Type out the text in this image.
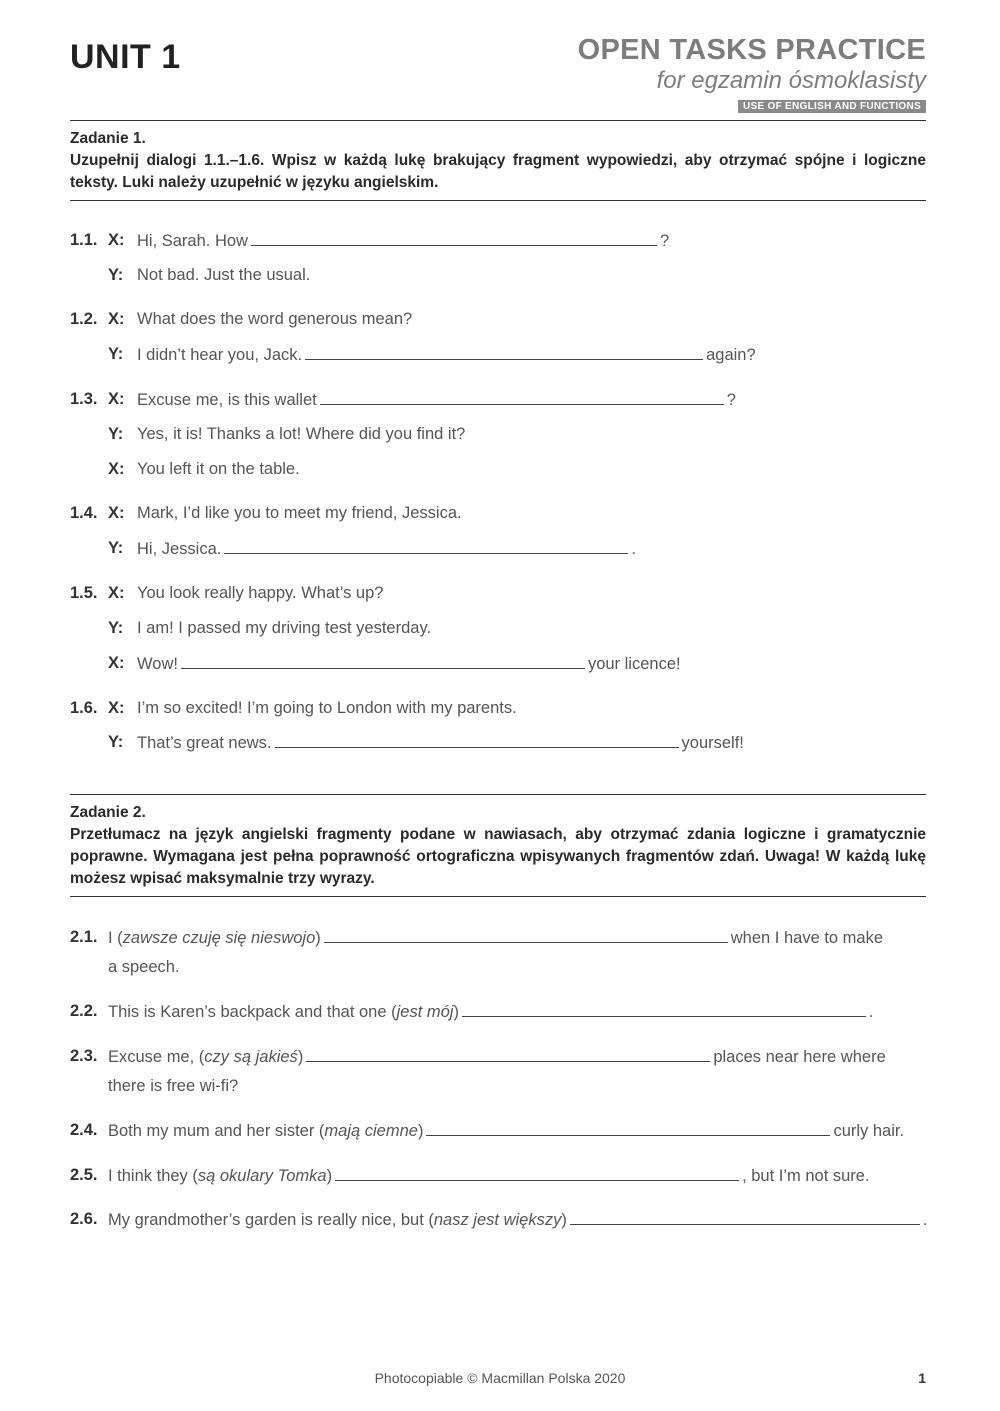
UNIT 1	OPEN TASKS PRACTICE
for egzamin ósmoklasisty
USE OF ENGLISH AND FUNCTIONS
Zadanie 1.
Uzupełnij dialogi 1.1.–1.6. Wpisz w każdą lukę brakujący fragment wypowiedzi, aby otrzymać spójne i logiczne teksty. Luki należy uzupełnić w języku angielskim.
1.1. X: Hi, Sarah. How	?
Y: Not bad. Just the usual.
1.2. X: What does the word generous mean?
Y: I didn’t hear you, Jack.	again?
1.3. X: Excuse me, is this wallet	?
Y: Yes, it is! Thanks a lot! Where did you find it?
X: You left it on the table.
1.4. X: Mark, I’d like you to meet my friend, Jessica.
Y: Hi, Jessica.	.
1.5. X: You look really happy. What’s up?
Y: I am! I passed my driving test yesterday.
X: Wow!	your licence!
1.6. X: I’m so excited! I’m going to London with my parents.
Y: That’s great news.	yourself!
Zadanie 2.
Przetłumacz na język angielski fragmenty podane w nawiasach, aby otrzymać zdania logiczne i gramatycznie poprawne. Wymagana jest pełna poprawność ortograficzna wpisywanych fragmentów zdań. Uwaga! W każdą lukę możesz wpisać maksymalnie trzy wyrazy.
2.1. I (zawsze czuję się nieswojo)	when I have to make
a speech.
2.2. This is Karen’s backpack and that one (jest mój)	.
2.3. Excuse me, (czy są jakieś)	places near here where
there is free wi-fi?
2.4. Both my mum and her sister (mają ciemne)	curly hair.
2.5. I think they (są okulary Tomka)	, but I’m not sure.
2.6. My grandmother’s garden is really nice, but (nasz jest większy)	.
Photocopiable © Macmillan Polska 2020	1
